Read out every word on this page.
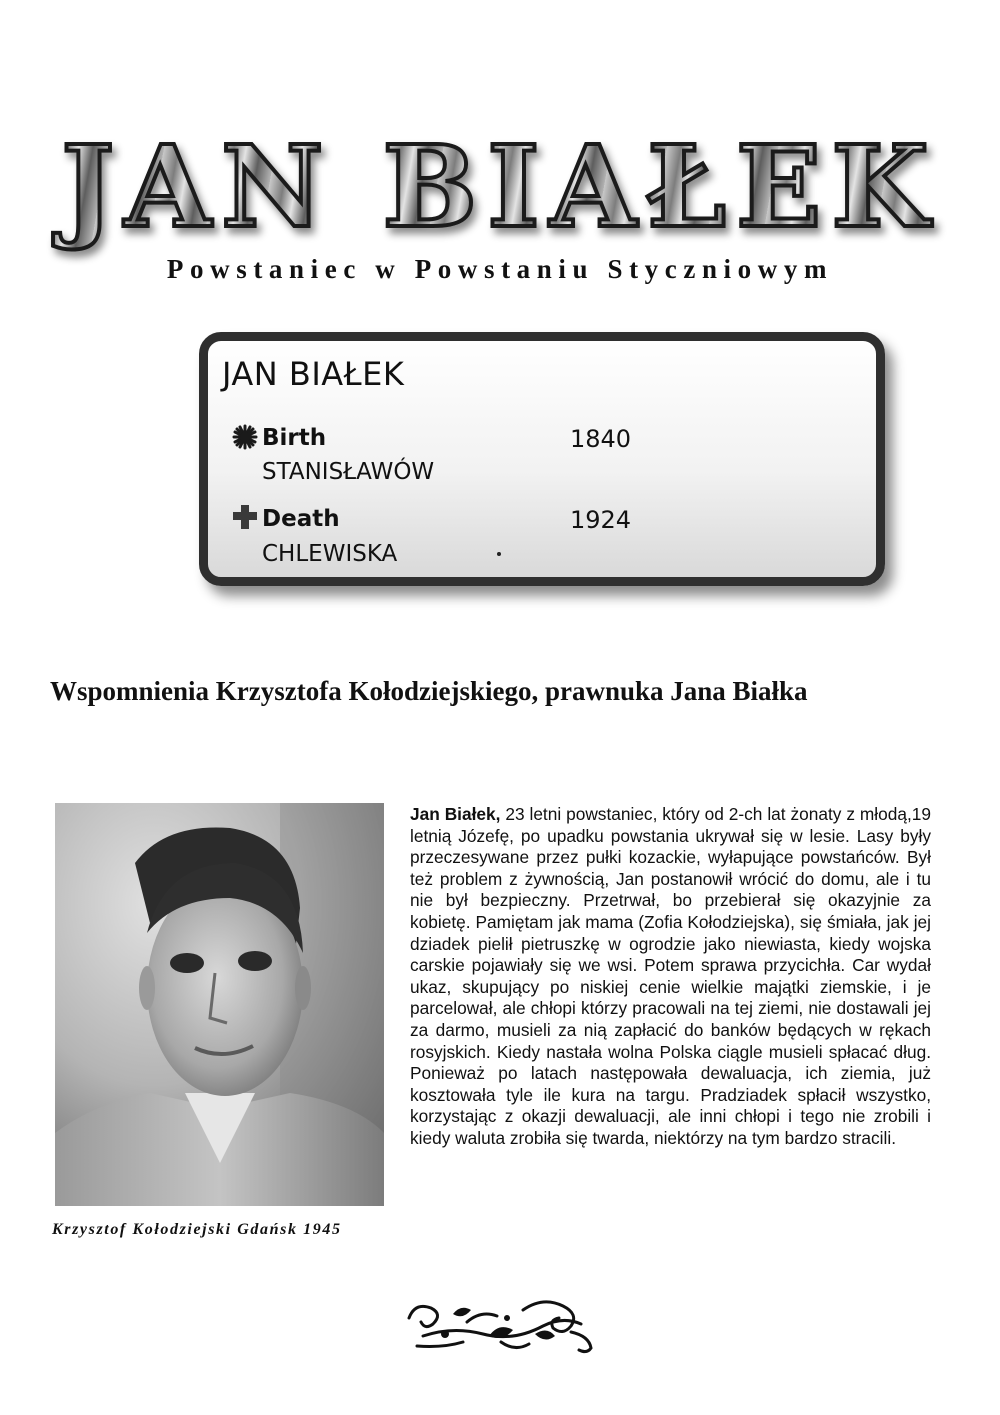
JAN BIAŁEK
Powstaniec w Powstaniu Styczniowym
JAN BIAŁEK
Birth	1840
STANISŁAWÓW
Death	1924
CHLEWISKA
Wspomnienia Krzysztofa Kołodziejskiego, prawnuka Jana Białka
Krzysztof Kołodziejski Gdańsk 1945
Jan Białek, 23 letni powstaniec, który od 2-ch lat żonaty z młodą,19 letnią Józefę, po upadku powstania ukrywał się w lesie. Lasy były przeczesywane przez pułki kozackie, wyłapujące powstańców. Był też problem z żywnością, Jan postanowił wrócić do domu, ale i tu nie był bezpieczny. Przetrwał, bo przebierał się okazyjnie za kobietę. Pamiętam jak mama (Zofia Kołodziejska), się śmiała, jak jej dziadek pielił pietruszkę w ogrodzie jako niewiasta, kiedy wojska carskie pojawiały się we wsi. Potem sprawa przycichła. Car wydał ukaz, skupujący po niskiej cenie wielkie majątki ziemskie, i je parcelował, ale chłopi którzy pracowali na tej ziemi, nie dostawali jej za darmo, musieli za nią zapłacić do banków będących w rękach rosyjskich. Kiedy nastała wolna Polska ciągle musieli spłacać dług. Ponieważ po latach następowała dewaluacja, ich ziemia, już kosztowała tyle ile kura na targu. Pradziadek spłacił wszystko, korzystając z okazji dewaluacji, ale inni chłopi i tego nie zrobili i kiedy waluta zrobiła się twarda, niektórzy na tym bardzo stracili.
